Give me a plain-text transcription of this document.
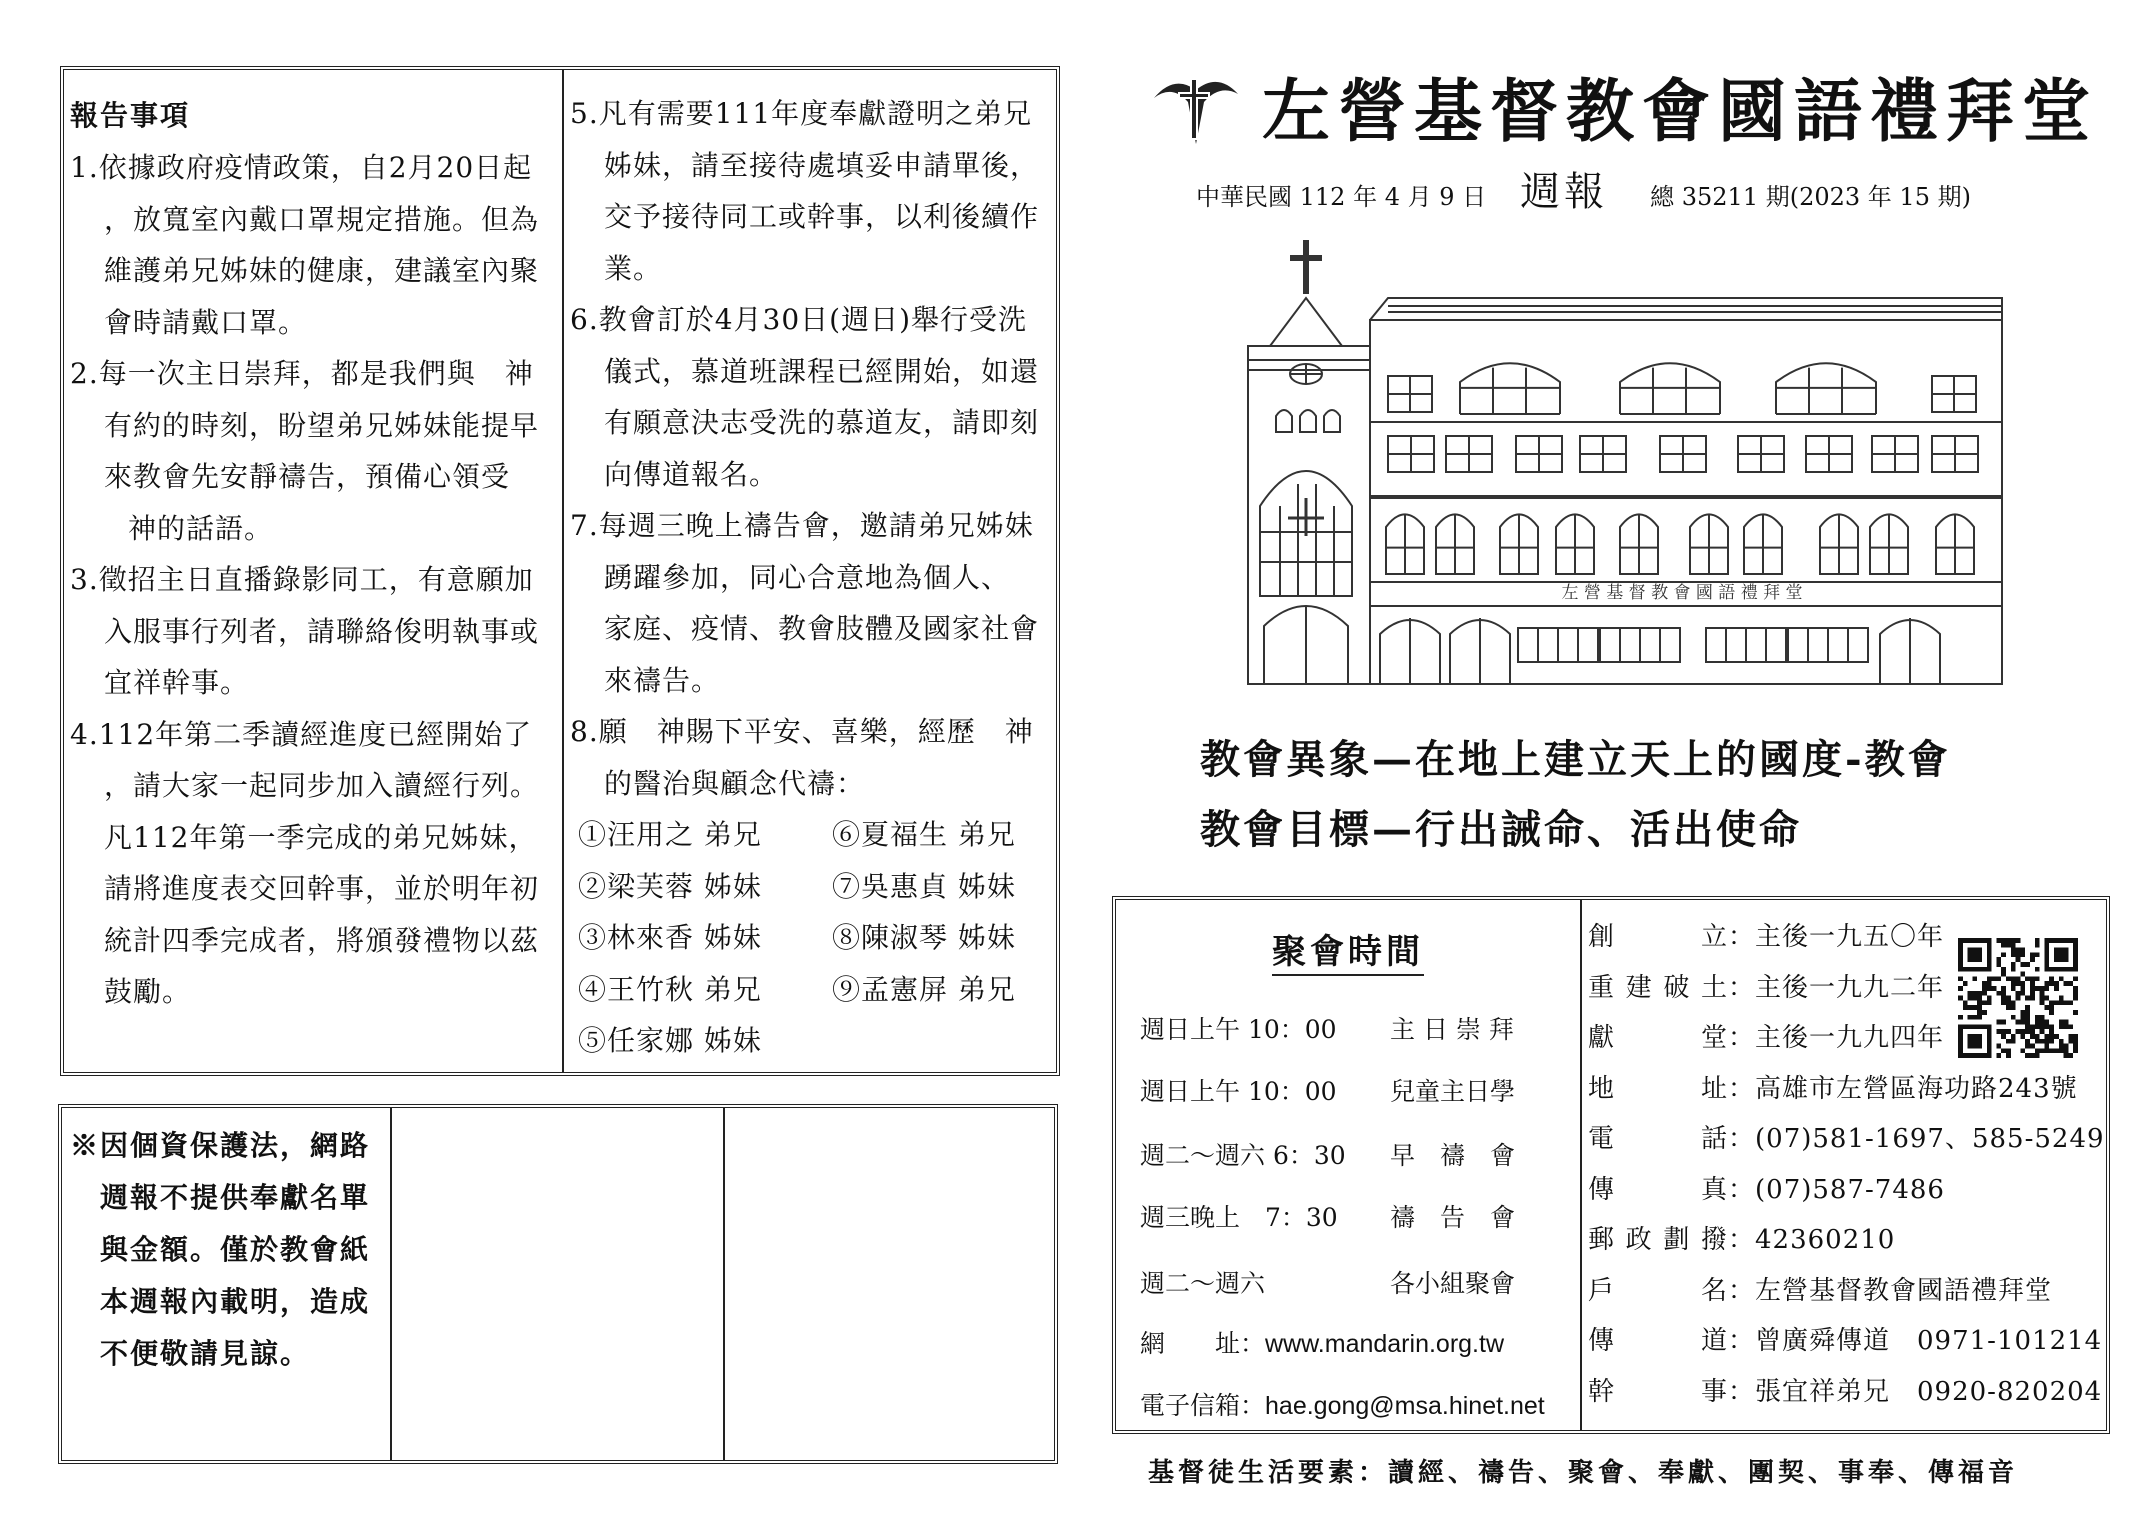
報告事項
1.依據政府疫情政策，自2月20日起
，放寬室內戴口罩規定措施。但為
維護弟兄姊妹的健康，建議室內聚
會時請戴口罩。
2.每一次主日崇拜，都是我們與　神
有約的時刻，盼望弟兄姊妹能提早
來教會先安靜禱告，預備心領受
神的話語。
3.徵招主日直播錄影同工，有意願加
入服事行列者，請聯絡俊明執事或
宜祥幹事。
4.112年第二季讀經進度已經開始了
，請大家一起同步加入讀經行列。
凡112年第一季完成的弟兄姊妹，
請將進度表交回幹事，並於明年初
統計四季完成者，將頒發禮物以茲
鼓勵。
5.凡有需要111年度奉獻證明之弟兄
姊妹，請至接待處填妥申請單後，
交予接待同工或幹事，以利後續作
業。
6.教會訂於4月30日(週日)舉行受洗
儀式，慕道班課程已經開始，如還
有願意決志受洗的慕道友，請即刻
向傳道報名。
7.每週三晚上禱告會，邀請弟兄姊妹
踴躍參加，同心合意地為個人、
家庭、疫情、教會肢體及國家社會
來禱告。
8.願　神賜下平安、喜樂，經歷　神
的醫治與顧念代禱：
①汪用之 弟兄	⑥夏福生 弟兄
②梁芙蓉 姊妹	⑦吳惠貞 姊妹
③林來香 姊妹	⑧陳淑琴 姊妹
④王竹秋 弟兄	⑨孟憲屏 弟兄
⑤任家娜 姊妹
※因個資保護法，網路
週報不提供奉獻名單
與金額。僅於教會紙
本週報內載明，造成
不便敬請見諒。
左營基督教會國語禮拜堂
中華民國 112 年 4 月 9 日 週報 總 35211 期(2023 年 15 期)
左 營 基 督 教 會 國 語 禮 拜 堂
教會異象—在地上建立天上的國度-教會
教會目標—行出誡命、活出使命
聚會時間
週日上午 10：00 主 日 崇 拜
週日上午 10：00 兒童主日學
週二～週六 6：30 早　禱　會
週三晚上　7：30 禱　告　會
週二～週六	各小組聚會
網　　址：www.mandarin.org.tw
電子信箱：hae.gong@msa.hinet.net
創立：主後一九五〇年
重建破土：主後一九九二年
獻堂：主後一九九四年
地址：高雄市左營區海功路243號
電話：(07)581-1697、585-5249
傳真：(07)587-7486
郵政劃撥：42360210
戶名：左營基督教會國語禮拜堂
傳道：曾廣舜傳道　0971-101214
幹事：張宜祥弟兄　0920-820204
基督徒生活要素：讀經、禱告、聚會、奉獻、團契、事奉、傳福音
